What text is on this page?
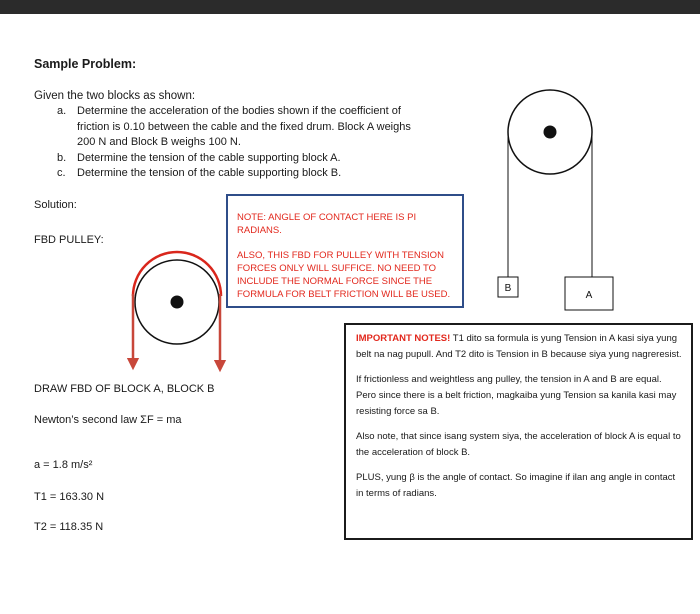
Sample Problem:
Given the two blocks as shown:
a. Determine the acceleration of the bodies shown if the coefficient of friction is 0.10 between the cable and the fixed drum. Block A weighs 200 N and Block B weighs 100 N.
b. Determine the tension of the cable supporting block A.
c. Determine the tension of the cable supporting block B.
Solution:
FBD PULLEY:
NOTE: ANGLE OF CONTACT HERE IS PI RADIANS.
ALSO, THIS FBD FOR PULLEY WITH TENSION FORCES ONLY WILL SUFFICE. NO NEED TO INCLUDE THE NORMAL FORCE SINCE THE FORMULA FOR BELT FRICTION WILL BE USED.
B
A
DRAW FBD OF BLOCK A, BLOCK B
Newton’s second law ΣF = ma
a = 1.8 m/s²
T1 = 163.30 N
T2 = 118.35 N

IMPORTANT NOTES! T1 dito sa formula is yung Tension in A kasi siya yung belt na nag pupull. And T2 dito is Tension in B because siya yung nagreresist.

If frictionless and weightless ang pulley, the tension in A and B are equal. Pero since there is a belt friction, magkaiba yung Tension sa kanila kasi may resisting force sa B.

Also note, that since isang system siya, the acceleration of block A is equal to the acceleration of block B.

PLUS, yung β is the angle of contact. So imagine if ilan ang angle in contact in terms of radians.
